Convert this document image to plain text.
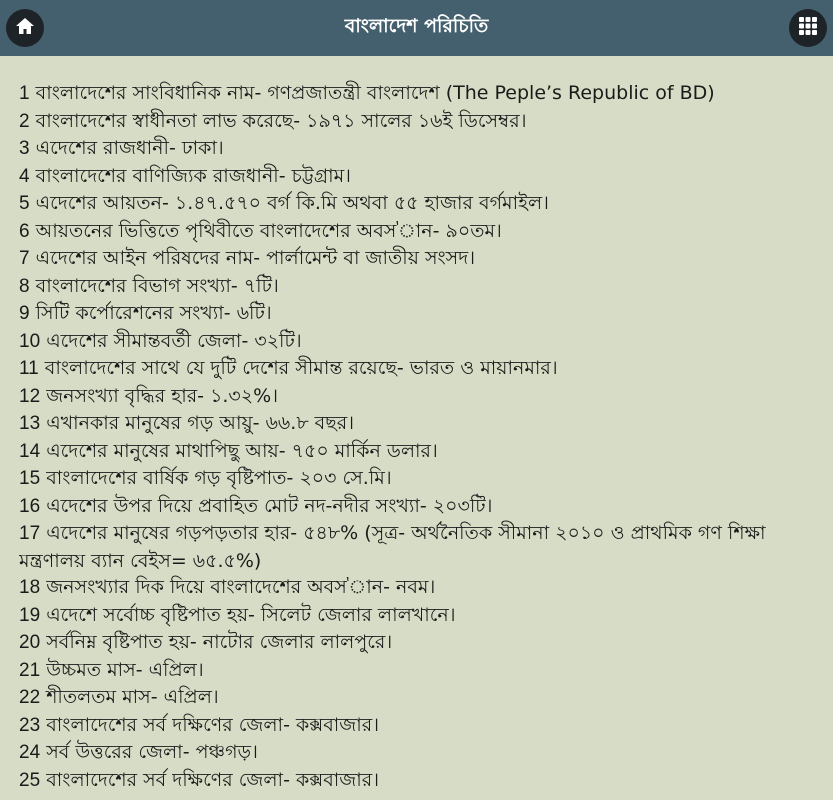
বাংলাদেশ পরিচিতি
1 বাংলাদেশের সাংবিধানিক নাম- গণপ্রজাতন্ত্রী বাংলাদেশ (The Peple’s Republic of BD)
2 বাংলাদেশের স্বাধীনতা লাভ করেছে- ১৯৭১ সালের ১৬ই ডিসেম্বর।
3 এদেশের রাজধানী- ঢাকা।
4 বাংলাদেশের বাণিজ্যিক রাজধানী- চট্টগ্রাম।
5 এদেশের আয়তন- ১.৪৭.৫৭০ বর্গ কি.মি অথবা ৫৫ হাজার বর্গমাইল।
6 আয়তনের ভিত্তিতে পৃথিবীতে বাংলাদেশের অবস'ান- ৯০তম।
7 এদেশের আইন পরিষদের নাম- পার্লামেন্ট বা জাতীয় সংসদ।
8 বাংলাদেশের বিভাগ সংখ্যা- ৭টি।
9 সিটি কর্পোরেশনের সংখ্যা- ৬টি।
10 এদেশের সীমান্তবর্তী জেলা- ৩২টি।
11 বাংলাদেশের সাথে যে দুটি দেশের সীমান্ত রয়েছে- ভারত ও মায়ানমার।
12 জনসংখ্যা বৃদ্ধির হার- ১.৩২%।
13 এখানকার মানুষের গড় আয়ু- ৬৬.৮ বছর।
14 এদেশের মানুষের মাথাপিছু আয়- ৭৫০ মার্কিন ডলার।
15 বাংলাদেশের বার্ষিক গড় বৃষ্টিপাত- ২০৩ সে.মি।
16 এদেশের উপর দিয়ে প্রবাহিত মোট নদ-নদীর সংখ্যা- ২০৩টি।
17 এদেশের মানুষের গড়পড়তার হার- ৫৪৮% (সূত্র- অর্থনৈতিক সীমানা ২০১০ ও প্রাথমিক গণ শিক্ষা মন্ত্রণালয় ব্যান বেইস= ৬৫.৫%)
18 জনসংখ্যার দিক দিয়ে বাংলাদেশের অবস'ান- নবম।
19 এদেশে সর্বোচ্চ বৃষ্টিপাত হয়- সিলেট জেলার লালখানে।
20 সর্বনিম্ন বৃষ্টিপাত হয়- নাটোর জেলার লালপুরে।
21 উচ্চমত মাস- এপ্রিল।
22 শীতলতম মাস- এপ্রিল।
23 বাংলাদেশের সর্ব দক্ষিণের জেলা- কক্সবাজার।
24 সর্ব উত্তরের জেলা- পঞ্চগড়।
25 বাংলাদেশের সর্ব দক্ষিণের জেলা- কক্সবাজার।
